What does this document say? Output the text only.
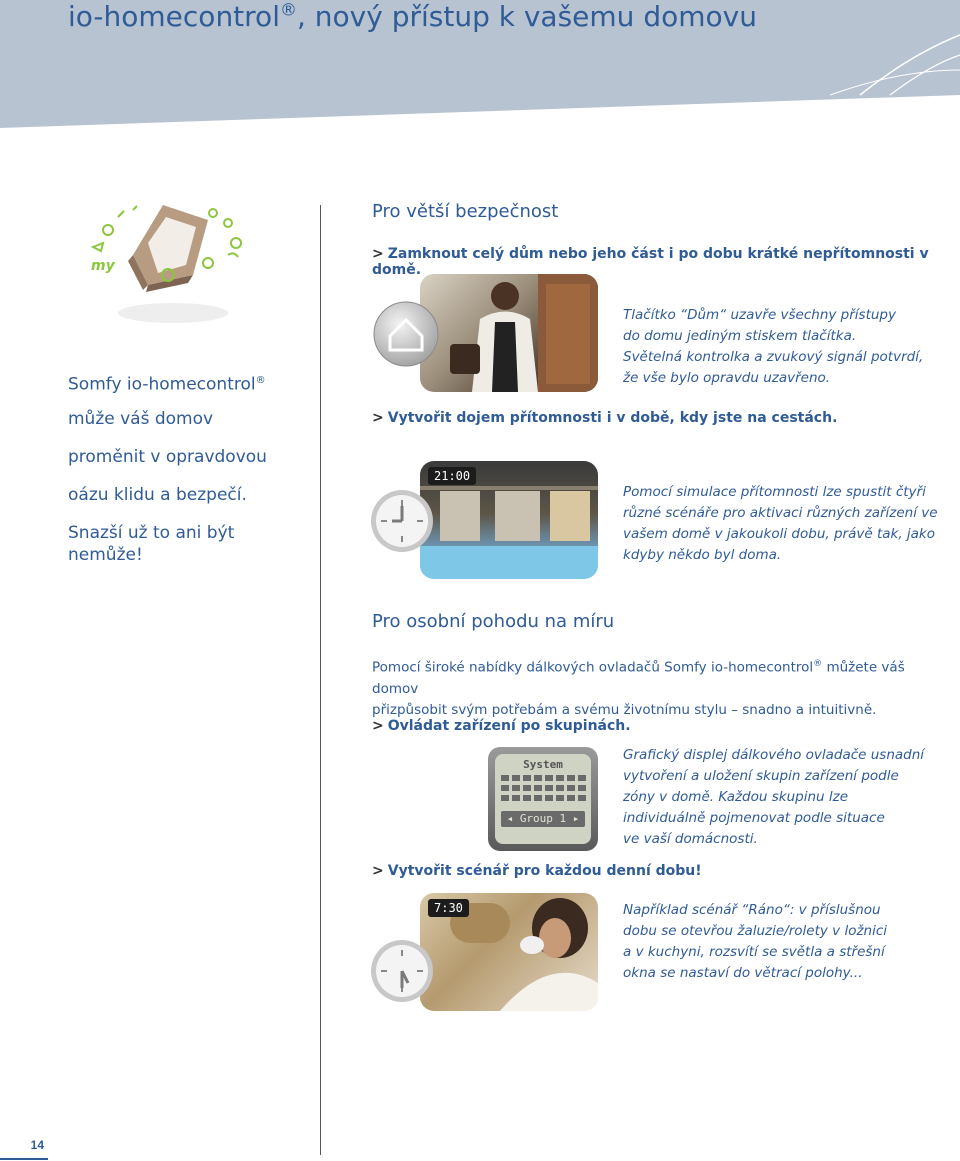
io-homecontrol®, nový přístup k vašemu domovu
my
Somfy io-homecontrol®
může váš domov
proměnit v opravdovou
oázu klidu a bezpečí.
Snazší už to ani být nemůže!
Pro větší bezpečnost
> Zamknout celý dům nebo jeho část i po dobu krátké nepřítomnosti v domě.
Tlačítko “Dům“ uzavře všechny přístupy
do domu jediným stiskem tlačítka.
Světelná kontrolka a zvukový signál potvrdí,
že vše bylo opravdu uzavřeno.
> Vytvořit dojem přítomnosti i v době, kdy jste na cestách.
21:00
Pomocí simulace přítomnosti lze spustit čtyři
různé scénáře pro aktivaci různých zařízení ve
vašem domě v jakoukoli dobu, právě tak, jako
kdyby někdo byl doma.
Pro osobní pohodu na míru
Pomocí široké nabídky dálkových ovladačů Somfy io-homecontrol® můžete váš domov
přizpůsobit svým potřebám a svému životnímu stylu – snadno a intuitivně.
> Ovládat zařízení po skupinách.
System
◂ Group 1 ▸
Grafický displej dálkového ovladače usnadní
vytvoření a uložení skupin zařízení podle
zóny v domě. Každou skupinu lze
individuálně pojmenovat podle situace
ve vaší domácnosti.
> Vytvořit scénář pro každou denní dobu!
7:30	Například scénář “Ráno“: v příslušnou
dobu se otevřou žaluzie/rolety v ložnici
a v kuchyni, rozsvítí se světla a střešní
okna se nastaví do větrací polohy...
14
